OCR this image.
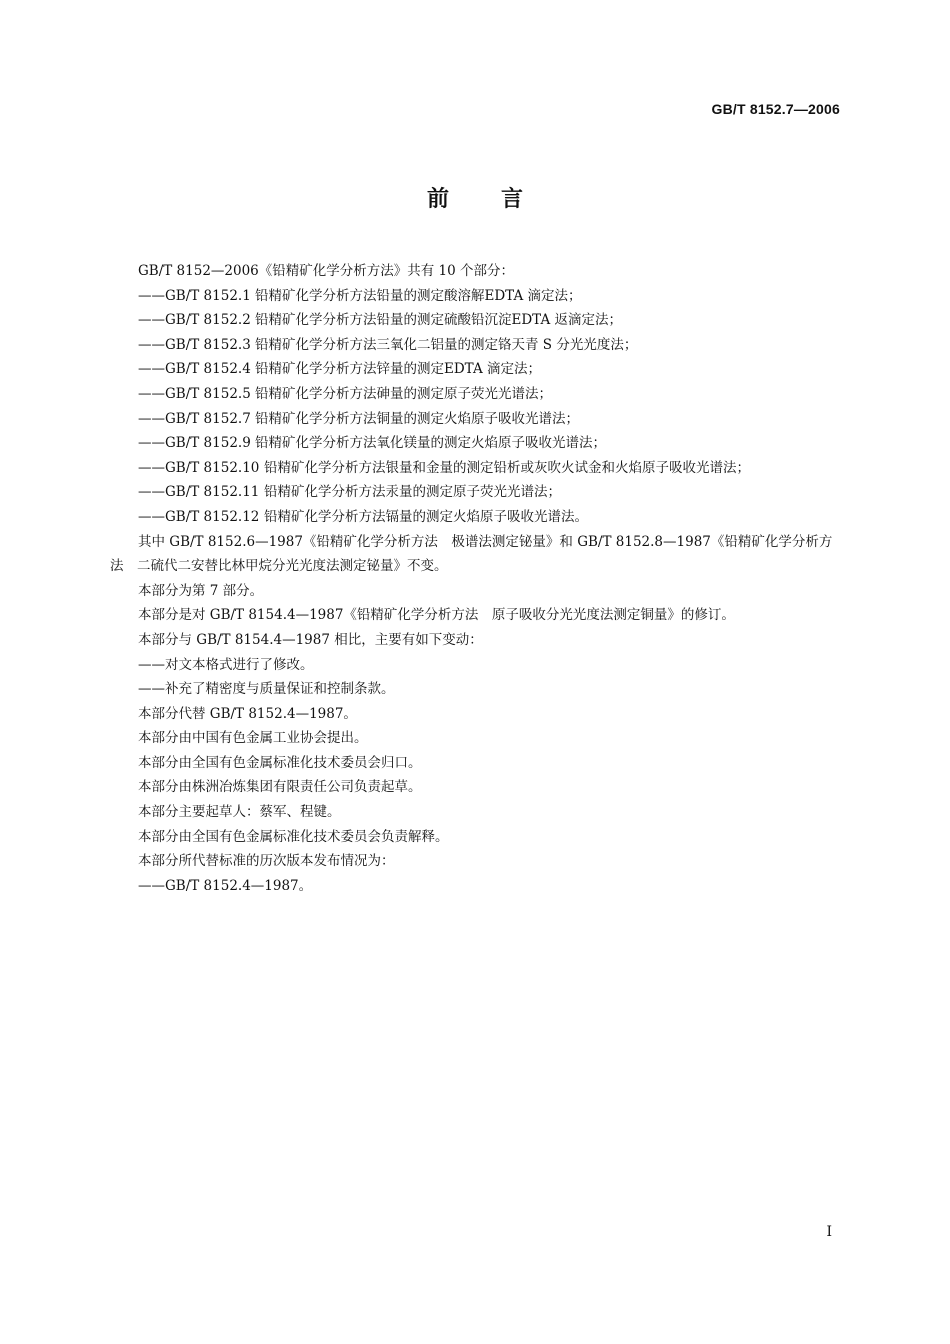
GB/T 8152.7—2006
前言

GB/T 8152—2006《铅精矿化学分析方法》共有 10 个部分：

——GB/T 8152.1 铅精矿化学分析方法铅量的测定酸溶解EDTA 滴定法；
——GB/T 8152.2 铅精矿化学分析方法铅量的测定硫酸铅沉淀EDTA 返滴定法；
——GB/T 8152.3 铅精矿化学分析方法三氧化二铝量的测定铬天青 S 分光光度法；
——GB/T 8152.4 铅精矿化学分析方法锌量的测定EDTA 滴定法；
——GB/T 8152.5 铅精矿化学分析方法砷量的测定原子荧光光谱法；
——GB/T 8152.7 铅精矿化学分析方法铜量的测定火焰原子吸收光谱法；
——GB/T 8152.9 铅精矿化学分析方法氧化镁量的测定火焰原子吸收光谱法；
——GB/T 8152.10 铅精矿化学分析方法银量和金量的测定铅析或灰吹火试金和火焰原子吸收光谱法；
——GB/T 8152.11 铅精矿化学分析方法汞量的测定原子荧光光谱法；
——GB/T 8152.12 铅精矿化学分析方法镉量的测定火焰原子吸收光谱法。

其中 GB/T 8152.6—1987《铅精矿化学分析方法　极谱法测定铋量》和 GB/T 8152.8—1987《铅精矿化学分析方法　二硫代二安替比林甲烷分光光度法测定铋量》不变。

本部分为第 7 部分。

本部分是对 GB/T 8154.4—1987《铅精矿化学分析方法　原子吸收分光光度法测定铜量》的修订。

本部分与 GB/T 8154.4—1987 相比，主要有如下变动：

——对文本格式进行了修改。

——补充了精密度与质量保证和控制条款。

本部分代替 GB/T 8152.4—1987。

本部分由中国有色金属工业协会提出。

本部分由全国有色金属标准化技术委员会归口。

本部分由株洲冶炼集团有限责任公司负责起草。

本部分主要起草人：蔡军、程键。

本部分由全国有色金属标准化技术委员会负责解释。

本部分所代替标准的历次版本发布情况为：

——GB/T 8152.4—1987。

I
